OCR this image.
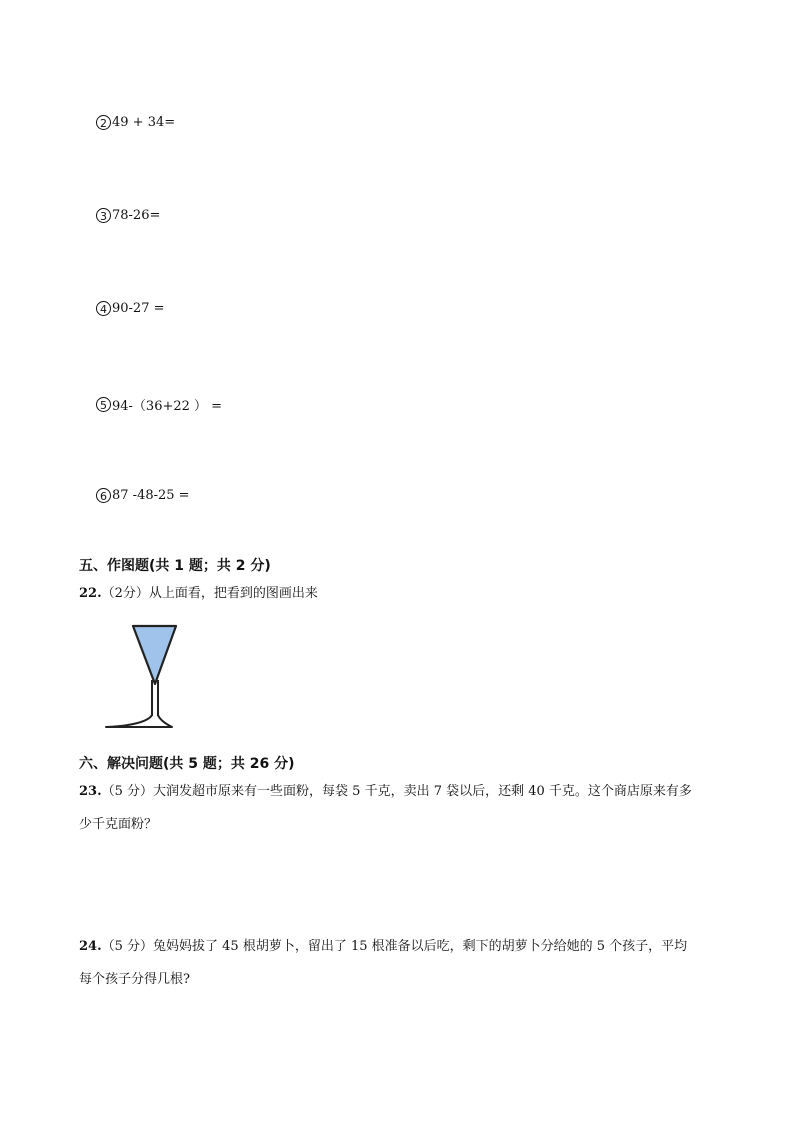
2 49 + 34=
3 78-26=
4 90-27 =
5 94-（36+22 ） =
6 87 -48-25 =
五、作图题(共 1 题；共 2 分)
22.（2分）从上面看，把看到的图画出来
六、解决问题(共 5 题；共 26 分)
23.（5 分）大润发超市原来有一些面粉，每袋 5 千克，卖出 7 袋以后，还剩 40 千克。这个商店原来有多
少千克面粉？
24.（5 分）兔妈妈拔了 45 根胡萝卜，留出了 15 根准备以后吃，剩下的胡萝卜分给她的 5 个孩子，平均
每个孩子分得几根?
